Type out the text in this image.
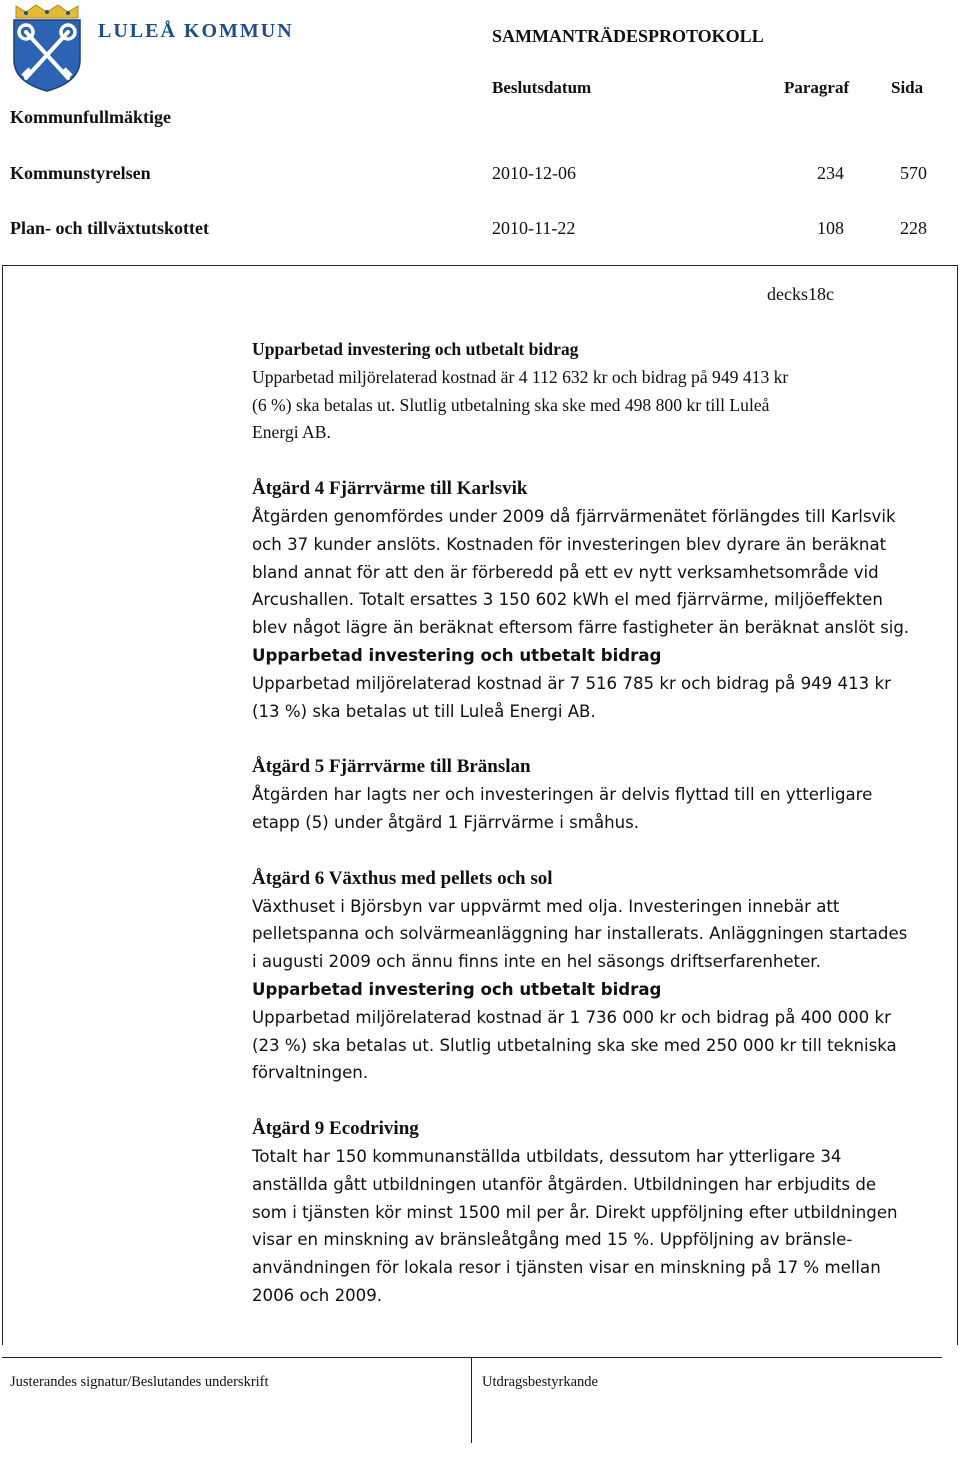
LULEÅ KOMMUN	SAMMANTRÄDESPROTOKOLL
Kommunfullmäktige
Beslutsdatum	Paragraf Sida
Kommunstyrelsen	2010-12-06	234	570
Plan- och tillväxtutskottet	2010-11-22	108	228
decks18c
Upparbetad investering och utbetalt bidrag
Upparbetad miljörelaterad kostnad är 4 112 632 kr och bidrag på 949 413 kr
(6 %) ska betalas ut. Slutlig utbetalning ska ske med 498 800 kr till Luleå
Energi AB.
Åtgärd 4 Fjärrvärme till Karlsvik
Åtgärden genomfördes under 2009 då fjärrvärmenätet förlängdes till Karlsvik
och 37 kunder anslöts. Kostnaden för investeringen blev dyrare än beräknat
bland annat för att den är förberedd på ett ev nytt verksamhetsområde vid
Arcushallen. Totalt ersattes 3 150 602 kWh el med fjärrvärme, miljöeffekten
blev något lägre än beräknat eftersom färre fastigheter än beräknat anslöt sig.
Upparbetad investering och utbetalt bidrag
Upparbetad miljörelaterad kostnad är 7 516 785 kr och bidrag på 949 413 kr
(13 %) ska betalas ut till Luleå Energi AB.
Åtgärd 5 Fjärrvärme till Bränslan
Åtgärden har lagts ner och investeringen är delvis flyttad till en ytterligare
etapp (5) under åtgärd 1 Fjärrvärme i småhus.
Åtgärd 6 Växthus med pellets och sol
Växthuset i Björsbyn var uppvärmt med olja. Investeringen innebär att
pelletspanna och solvärmeanläggning har installerats. Anläggningen startades
i augusti 2009 och ännu finns inte en hel säsongs driftserfarenheter.
Upparbetad investering och utbetalt bidrag
Upparbetad miljörelaterad kostnad är 1 736 000 kr och bidrag på 400 000 kr
(23 %) ska betalas ut. Slutlig utbetalning ska ske med 250 000 kr till tekniska
förvaltningen.
Åtgärd 9 Ecodriving
Totalt har 150 kommunanställda utbildats, dessutom har ytterligare 34
anställda gått utbildningen utanför åtgärden. Utbildningen har erbjudits de
som i tjänsten kör minst 1500 mil per år. Direkt uppföljning efter utbildningen
visar en minskning av bränsleåtgång med 15 %. Uppföljning av bränsle-
användningen för lokala resor i tjänsten visar en minskning på 17 % mellan
2006 och 2009.
Justerandes signatur/Beslutandes underskrift	Utdragsbestyrkande
